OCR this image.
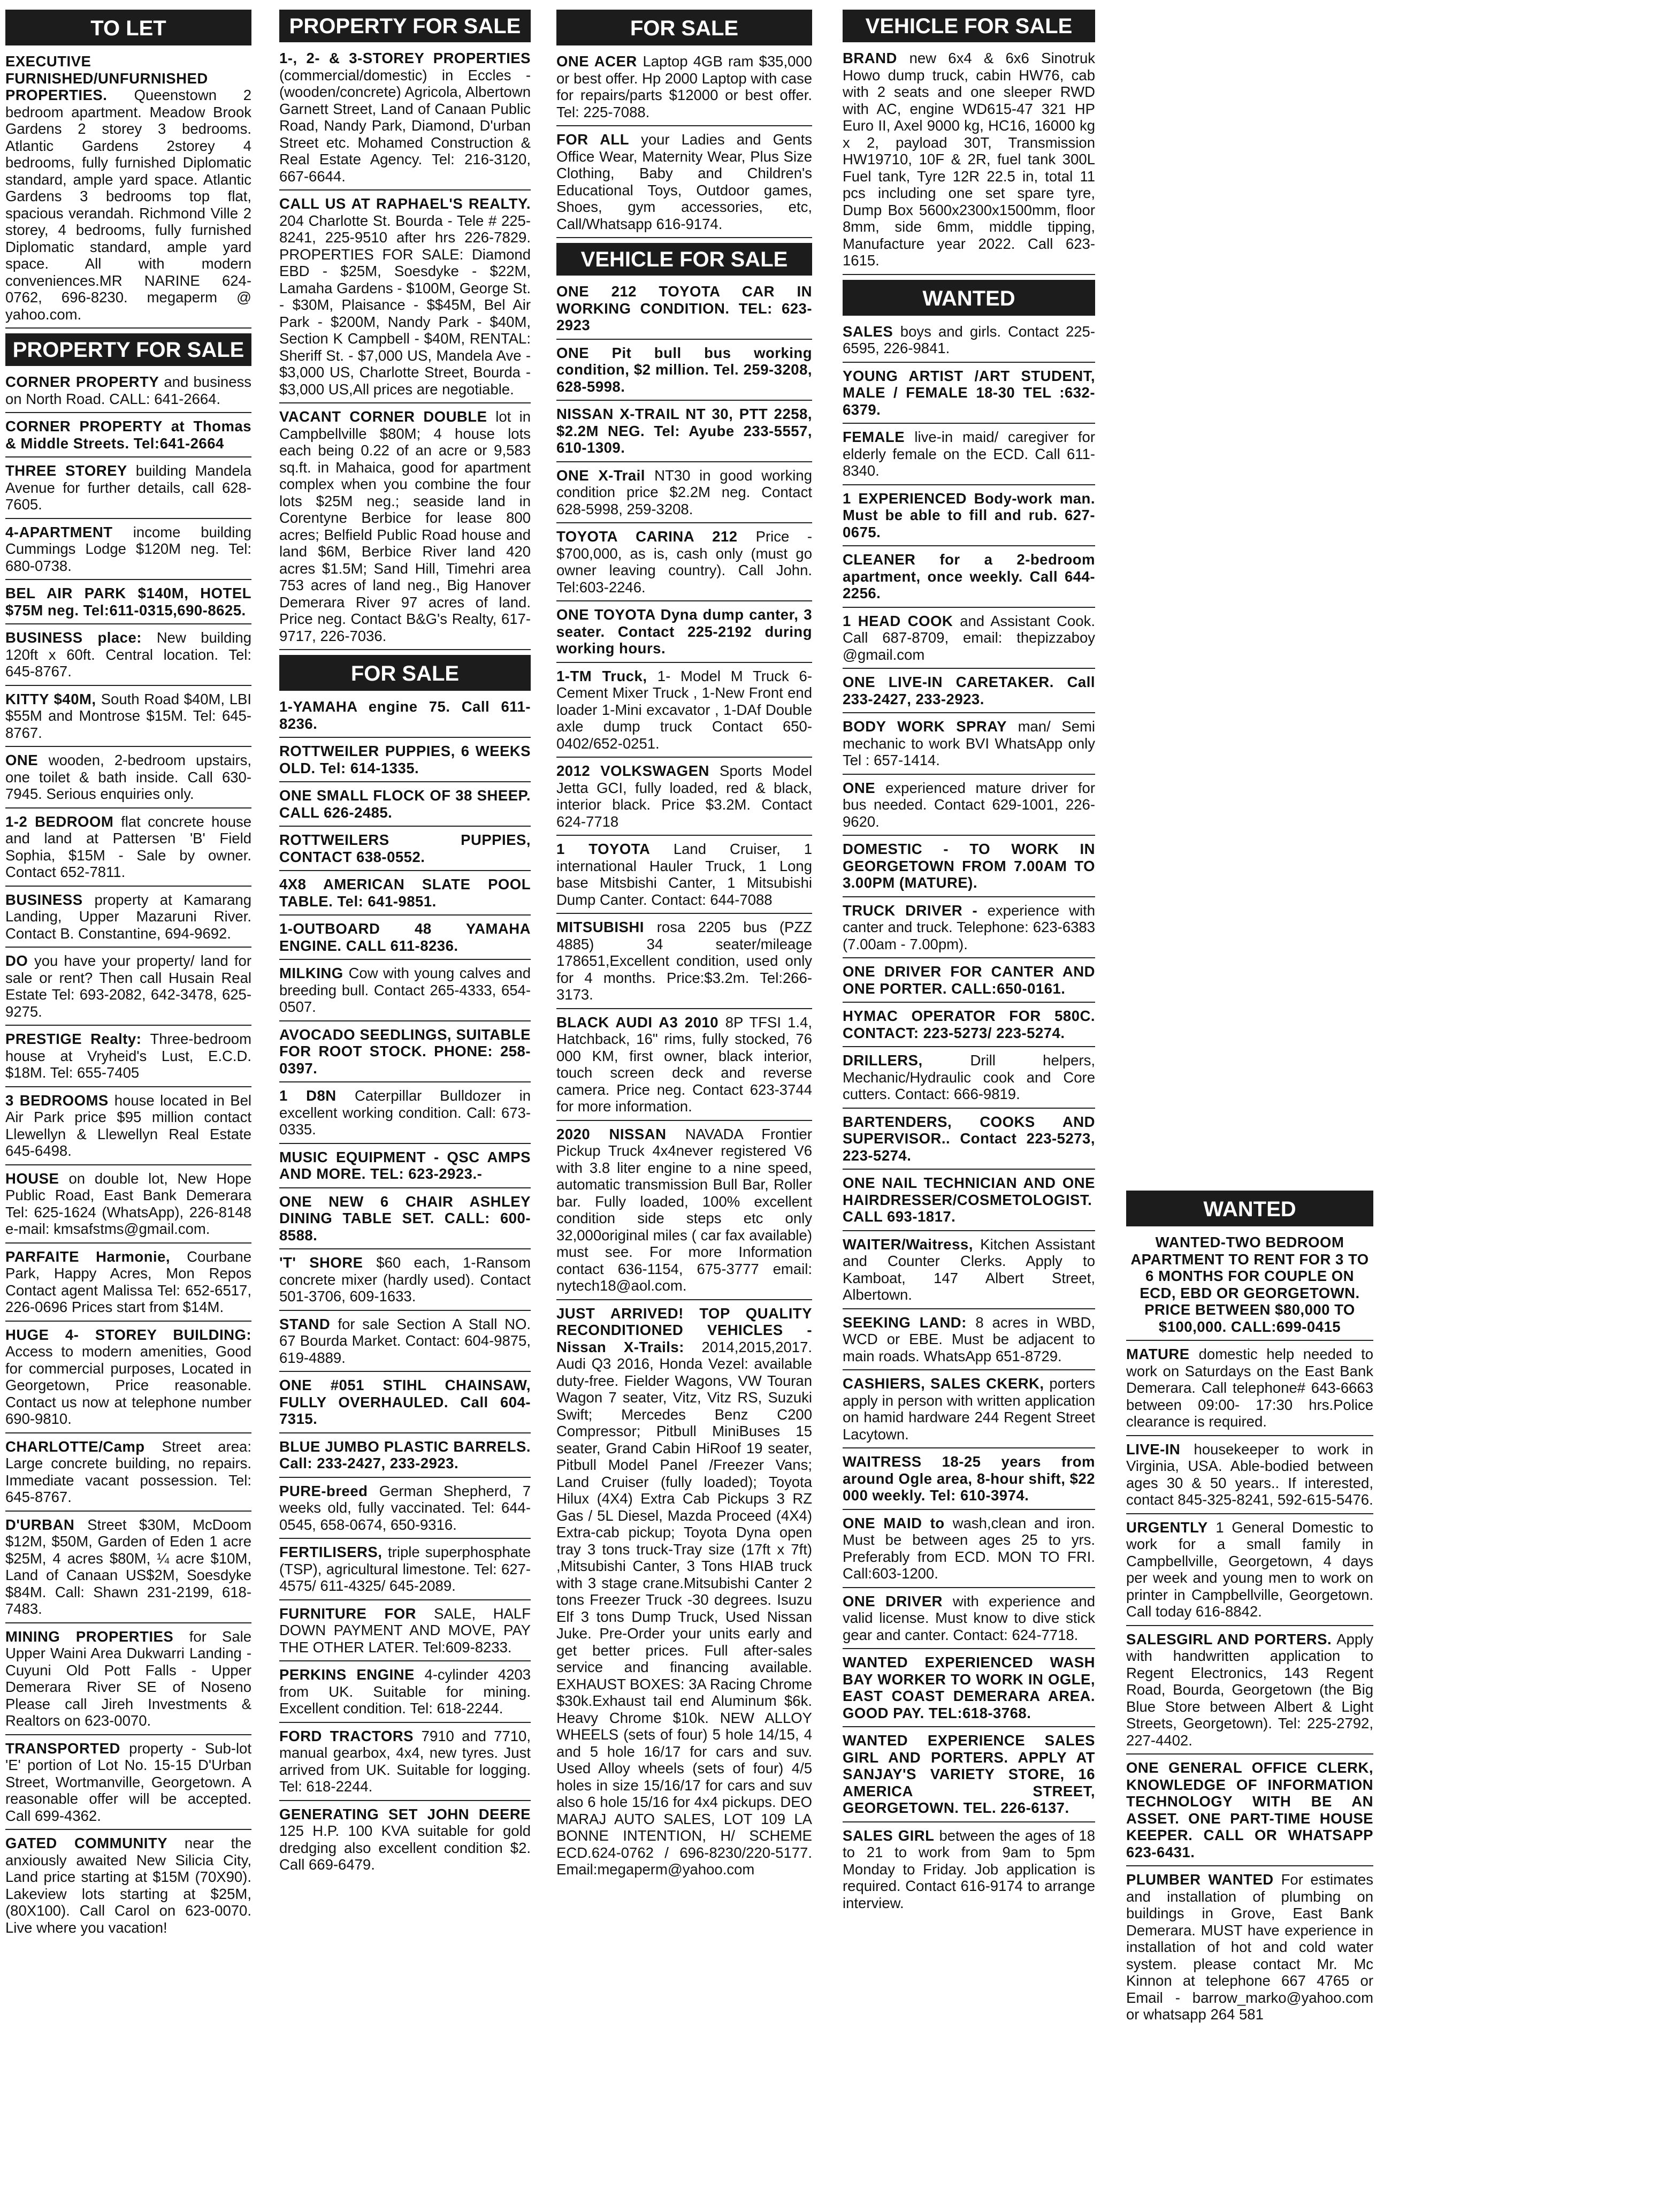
TO LET
EXECUTIVE FURNISHED/UNFURNISHED PROPERTIES. Queenstown 2 bedroom apartment. Meadow Brook Gardens 2 storey 3 bedrooms. Atlantic Gardens 2storey 4 bedrooms, fully furnished Diplomatic standard, ample yard space. Atlantic Gardens 3 bedrooms top flat, spacious verandah. Richmond Ville 2 storey, 4 bedrooms, fully furnished Diplomatic standard, ample yard space. All with modern conveniences.MR NARINE 624-0762, 696-8230. megaperm @ yahoo.com.
PROPERTY FOR SALE
CORNER PROPERTY and business on North Road. CALL: 641-2664.
CORNER PROPERTY at Thomas & Middle Streets. Tel:641-2664
THREE STOREY building Mandela Avenue for further details, call 628-7605.
4-APARTMENT income building Cummings Lodge $120M neg. Tel: 680-0738.
BEL AIR PARK $140M, HOTEL $75M neg. Tel:611-0315,690-8625.
BUSINESS place: New building 120ft x 60ft. Central location. Tel: 645-8767.
KITTY $40M, South Road $40M, LBI $55M and Montrose $15M. Tel: 645-8767.
ONE wooden, 2-bedroom upstairs, one toilet & bath inside. Call 630-7945. Serious enquiries only.
1-2 BEDROOM flat concrete house and land at Pattersen 'B' Field Sophia, $15M - Sale by owner. Contact 652-7811.
BUSINESS property at Kamarang Landing, Upper Mazaruni River. Contact B. Constantine, 694-9692.
DO you have your property/ land for sale or rent? Then call Husain Real Estate Tel: 693-2082, 642-3478, 625-9275.
PRESTIGE Realty: Three-bedroom house at Vryheid's Lust, E.C.D. $18M. Tel: 655-7405
3 BEDROOMS house located in Bel Air Park price $95 million contact Llewellyn & Llewellyn Real Estate 645-6498.
HOUSE on double lot, New Hope Public Road, East Bank Demerara Tel: 625-1624 (WhatsApp), 226-8148 e-mail: kmsafstms@gmail.com.
PARFAITE Harmonie, Courbane Park, Happy Acres, Mon Repos Contact agent Malissa Tel: 652-6517, 226-0696 Prices start from $14M.
HUGE 4- STOREY BUILDING:Access to modern amenities, Good for commercial purposes, Located in Georgetown, Price reasonable. Contact us now at telephone number 690-9810.
CHARLOTTE/Camp Street area: Large concrete building, no repairs. Immediate vacant possession. Tel: 645-8767.
D'URBAN Street $30M, McDoom $12M, $50M, Garden of Eden 1 acre $25M, 4 acres $80M, ¼ acre $10M, Land of Canaan US$2M, Soesdyke $84M. Call: Shawn 231-2199, 618-7483.
MINING PROPERTIES for Sale Upper Waini Area Dukwarri Landing -Cuyuni Old Pott Falls - Upper Demerara River SE of Noseno Please call Jireh Investments & Realtors on 623-0070.
TRANSPORTED property - Sub-lot 'E' portion of Lot No. 15-15 D'Urban Street, Wortmanville, Georgetown. A reasonable offer will be accepted. Call 699-4362.
GATED COMMUNITY near the anxiously awaited New Silicia City, Land price starting at $15M (70X90). Lakeview lots starting at $25M, (80X100). Call Carol on 623-0070. Live where you vacation!
PROPERTY FOR SALE
1-, 2- & 3-STOREY PROPERTIES(commercial/domestic) in Eccles - (wooden/concrete) Agricola, Albertown Garnett Street, Land of Canaan Public Road, Nandy Park, Diamond, D'urban Street etc. Mohamed Construction & Real Estate Agency. Tel: 216-3120, 667-6644.
CALL US AT RAPHAEL'S REALTY.204 Charlotte St. Bourda - Tele # 225-8241, 225-9510 after hrs 226-7829. PROPERTIES FOR SALE: Diamond EBD - $25M, Soesdyke - $22M, Lamaha Gardens - $100M, George St. - $30M, Plaisance - $$45M, Bel Air Park - $200M, Nandy Park - $40M, Section K Campbell - $40M, RENTAL: Sheriff St. - $7,000 US, Mandela Ave - $3,000 US, Charlotte Street, Bourda - $3,000 US,All prices are negotiable.
VACANT CORNER DOUBLE lot in Campbellville $80M; 4 house lots each being 0.22 of an acre or 9,583 sq.ft. in Mahaica, good for apartment complex when you combine the four lots $25M neg.; seaside land in Corentyne Berbice for lease 800 acres; Belfield Public Road house and land $6M, Berbice River land 420 acres $1.5M; Sand Hill, Timehri area 753 acres of land neg., Big Hanover Demerara River 97 acres of land. Price neg. Contact B&G's Realty, 617-9717, 226-7036.
FOR SALE
1-YAMAHA engine 75. Call 611-8236.
ROTTWEILER PUPPIES, 6 WEEKS OLD. Tel: 614-1335.
ONE SMALL FLOCK OF 38 SHEEP. CALL 626-2485.
ROTTWEILERS PUPPIES, CONTACT 638-0552.
4X8 AMERICAN SLATE POOL TABLE. Tel: 641-9851.
1-OUTBOARD 48 YAMAHA ENGINE. CALL 611-8236.
MILKING Cow with young calves and breeding bull. Contact 265-4333, 654-0507.
AVOCADO SEEDLINGS, SUITABLE FOR ROOT STOCK. PHONE: 258-0397.
1 D8N Caterpillar Bulldozer in excellent working condition. Call: 673-0335.
MUSIC EQUIPMENT - QSC AMPS AND MORE. TEL: 623-2923.-
ONE NEW 6 CHAIR ASHLEY DINING TABLE SET. CALL: 600-8588.
'T' SHORE $60 each, 1-Ransom concrete mixer (hardly used). Contact 501-3706, 609-1633.
STAND for sale Section A Stall NO. 67 Bourda Market. Contact: 604-9875, 619-4889.
ONE #051 STIHL CHAINSAW, FULLY OVERHAULED. Call 604-7315.
BLUE JUMBO PLASTIC BARRELS. Call: 233-2427, 233-2923.
PURE-breed German Shepherd, 7 weeks old, fully vaccinated. Tel: 644-0545, 658-0674, 650-9316.
FERTILISERS, triple superphosphate (TSP), agricultural limestone. Tel: 627-4575/ 611-4325/ 645-2089.
FURNITURE FOR SALE, HALF DOWN PAYMENT AND MOVE, PAY THE OTHER LATER. Tel:609-8233.
PERKINS ENGINE 4-cylinder 4203 from UK. Suitable for mining. Excellent condition. Tel: 618-2244.
FORD TRACTORS 7910 and 7710, manual gearbox, 4x4, new tyres. Just arrived from UK. Suitable for logging. Tel: 618-2244.
GENERATING SET JOHN DEERE125 H.P. 100 KVA suitable for gold dredging also excellent condition $2. Call 669-6479.
FOR SALE
ONE ACER Laptop 4GB ram $35,000 or best offer. Hp 2000 Laptop with case for repairs/parts $12000 or best offer. Tel: 225-7088.
FOR ALL your Ladies and Gents Office Wear, Maternity Wear, Plus Size Clothing, Baby and Children's Educational Toys, Outdoor games, Shoes, gym accessories, etc, Call/Whatsapp 616-9174.
VEHICLE FOR SALE
ONE 212 TOYOTA CAR IN WORKING CONDITION. TEL: 623-2923
ONE Pit bull bus working condition, $2 million. Tel. 259-3208, 628-5998.
NISSAN X-TRAIL NT 30, PTT 2258, $2.2M NEG. Tel: Ayube 233-5557, 610-1309.
ONE X-Trail NT30 in good working condition price $2.2M neg. Contact 628-5998, 259-3208.
TOYOTA CARINA 212 Price - $700,000, as is, cash only (must go owner leaving country). Call John. Tel:603-2246.
ONE TOYOTA Dyna dump canter, 3 seater. Contact 225-2192 during working hours.
1-TM Truck, 1- Model M Truck 6-Cement Mixer Truck , 1-New Front end loader 1-Mini excavator , 1-DAf Double axle dump truck Contact 650-0402/652-0251.
2012 VOLKSWAGEN Sports Model Jetta GCI, fully loaded, red & black, interior black. Price $3.2M. Contact 624-7718
1 TOYOTA Land Cruiser, 1 international Hauler Truck, 1 Long base Mitsbishi Canter, 1 Mitsubishi Dump Canter. Contact: 644-7088
MITSUBISHI rosa 2205 bus (PZZ 4885) 34 seater/mileage 178651,Excellent condition, used only for 4 months. Price:$3.2m. Tel:266-3173.
BLACK AUDI A3 2010 8P TFSI 1.4, Hatchback, 16" rims, fully stocked, 76 000 KM, first owner, black interior, touch screen deck and reverse camera. Price neg. Contact 623-3744 for more information.
2020 NISSAN NAVADA Frontier Pickup Truck 4x4never registered V6 with 3.8 liter engine to a nine speed, automatic transmission Bull Bar, Roller bar. Fully loaded, 100% excellent condition side steps etc only 32,000original miles ( car fax available) must see. For more Information contact 636-1154, 675-3777 email: nytech18@aol.com.
JUST ARRIVED! TOP QUALITY RECONDITIONED VEHICLES - Nissan X-Trails: 2014,2015,2017. Audi Q3 2016, Honda Vezel: available duty-free. Fielder Wagons, VW Touran Wagon 7 seater, Vitz, Vitz RS, Suzuki Swift; Mercedes Benz C200 Compressor; Pitbull MiniBuses 15 seater, Grand Cabin HiRoof 19 seater, Pitbull Model Panel /Freezer Vans; Land Cruiser (fully loaded); Toyota Hilux (4X4) Extra Cab Pickups 3 RZ Gas / 5L Diesel, Mazda Proceed (4X4) Extra-cab pickup; Toyota Dyna open tray 3 tons truck-Tray size (17ft x 7ft) ,Mitsubishi Canter, 3 Tons HIAB truck with 3 stage crane.Mitsubishi Canter 2 tons Freezer Truck -30 degrees. Isuzu Elf 3 tons Dump Truck, Used Nissan Juke. Pre-Order your units early and get better prices. Full after-sales service and financing available. EXHAUST BOXES: 3A Racing Chrome $30k.Exhaust tail end Aluminum $6k. Heavy Chrome $10k. NEW ALLOY WHEELS (sets of four) 5 hole 14/15, 4 and 5 hole 16/17 for cars and suv. Used Alloy wheels (sets of four) 4/5 holes in size 15/16/17 for cars and suv also 6 hole 15/16 for 4x4 pickups. DEO MARAJ AUTO SALES, LOT 109 LA BONNE INTENTION, H/ SCHEME ECD.624-0762 / 696-8230/220-5177. Email:megaperm@yahoo.com
VEHICLE FOR SALE
BRAND new 6x4 & 6x6 Sinotruk Howo dump truck, cabin HW76, cab with 2 seats and one sleeper RWD with AC, engine WD615-47 321 HP Euro II, Axel 9000 kg, HC16, 16000 kg x 2, payload 30T, Transmission HW19710, 10F & 2R, fuel tank 300L Fuel tank, Tyre 12R 22.5 in, total 11 pcs including one set spare tyre, Dump Box 5600x2300x1500mm, floor 8mm, side 6mm, middle tipping, Manufacture year 2022. Call 623-1615.
WANTED
SALES boys and girls. Contact 225-6595, 226-9841.
YOUNG ARTIST /ART STUDENT, MALE / FEMALE 18-30 TEL :632-6379.
FEMALE live-in maid/ caregiver for elderly female on the ECD. Call 611-8340.
1 EXPERIENCED Body-work man. Must be able to fill and rub. 627-0675.
CLEANER for a 2-bedroom apartment, once weekly. Call 644-2256.
1 HEAD COOK and Assistant Cook. Call 687-8709, email: thepizzaboy @gmail.com
ONE LIVE-IN CARETAKER. Call 233-2427, 233-2923.
BODY WORK SPRAY man/ Semi mechanic to work BVI WhatsApp only Tel : 657-1414.
ONE experienced mature driver for bus needed. Contact 629-1001, 226-9620.
DOMESTIC - TO WORK IN GEORGETOWN FROM 7.00AM TO 3.00PM (MATURE).
TRUCK DRIVER - experience with canter and truck. Telephone: 623-6383 (7.00am - 7.00pm).
ONE DRIVER FOR CANTER AND ONE PORTER. CALL:650-0161.
HYMAC OPERATOR FOR 580C. CONTACT: 223-5273/ 223-5274.
DRILLERS,	Drill helpers, Mechanic/Hydraulic cook and Core cutters. Contact: 666-9819.
BARTENDERS, COOKS AND SUPERVISOR.. Contact 223-5273, 223-5274.
ONE NAIL TECHNICIAN AND ONE HAIRDRESSER/COSMETOLOGIST. CALL 693-1817.
WAITER/Waitress, Kitchen Assistant and Counter Clerks. Apply to Kamboat, 147 Albert Street, Albertown.
SEEKING LAND: 8 acres in WBD, WCD or EBE. Must be adjacent to main roads. WhatsApp 651-8729.
CASHIERS, SALES CKERK, porters apply in person with written application on hamid hardware 244 Regent Street Lacytown.
WAITRESS 18-25 years from around Ogle area, 8-hour shift, $22 000 weekly. Tel: 610-3974.
ONE MAID to wash,clean and iron. Must be between ages 25 to yrs. Preferably from ECD. MON TO FRI. Call:603-1200.
ONE DRIVER with experience and valid license. Must know to dive stick gear and canter. Contact: 624-7718.
WANTED EXPERIENCED WASH BAY WORKER TO WORK IN OGLE, EAST COAST DEMERARA AREA. GOOD PAY. TEL:618-3768.
WANTED EXPERIENCE SALES GIRL AND PORTERS. APPLY AT SANJAY'S VARIETY STORE, 16 AMERICA STREET, GEORGETOWN. TEL. 226-6137.
SALES GIRL between the ages of 18 to 21 to work from 9am to 5pm Monday to Friday. Job application is required. Contact 616-9174 to arrange interview.
WANTED
WANTED-TWO BEDROOM APARTMENT TO RENT FOR 3 TO 6 MONTHS FOR COUPLE ON ECD, EBD OR GEORGETOWN. PRICE BETWEEN $80,000 TO $100,000. CALL:699-0415
MATURE domestic help needed to work on Saturdays on the East Bank Demerara. Call telephone# 643-6663 between 09:00- 17:30 hrs.Police clearance is required.
LIVE-IN housekeeper to work in Virginia, USA. Able-bodied between ages 30 & 50 years.. If interested, contact 845-325-8241, 592-615-5476.
URGENTLY 1 General Domestic to work for a small family in Campbellville, Georgetown, 4 days per week and young men to work on printer in Campbellville, Georgetown. Call today 616-8842.
SALESGIRL AND PORTERS. Apply with handwritten application to Regent Electronics, 143 Regent Road, Bourda, Georgetown (the Big Blue Store between Albert & Light Streets, Georgetown). Tel: 225-2792, 227-4402.
ONE GENERAL OFFICE CLERK, KNOWLEDGE OF INFORMATION TECHNOLOGY WITH BE AN ASSET. ONE PART-TIME HOUSE KEEPER. CALL OR WHATSAPP 623-6431.
PLUMBER WANTED For estimates and installation of plumbing on buildings in Grove, East Bank Demerara. MUST have experience in installation of hot and cold water system. please contact Mr. Mc Kinnon at telephone 667 4765 or Email - barrow_marko@yahoo.com or whatsapp 264 581
